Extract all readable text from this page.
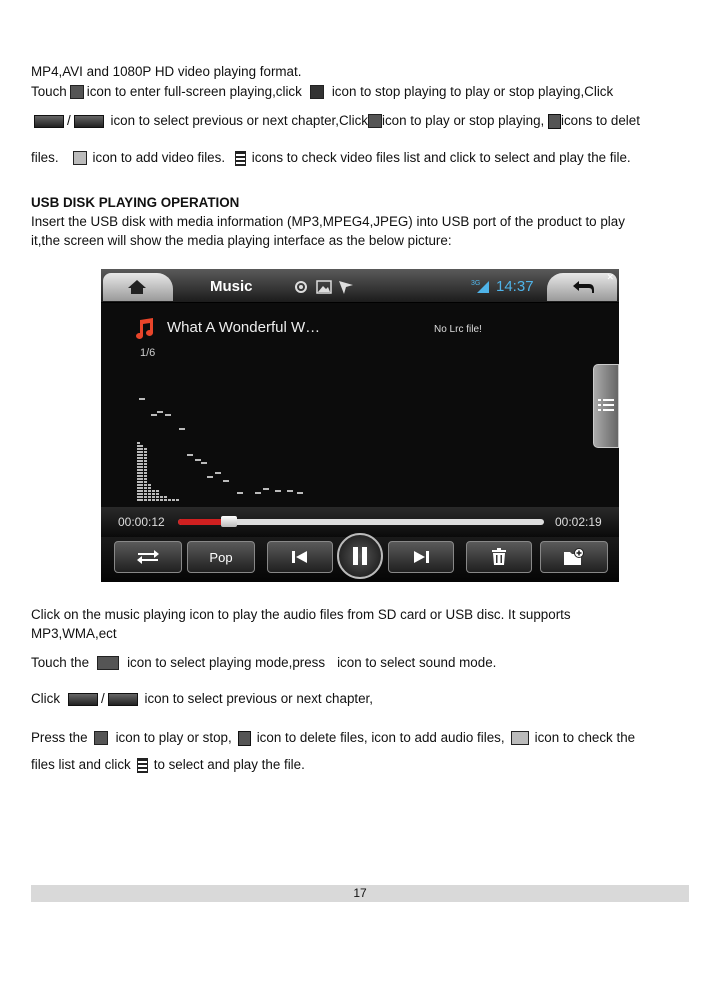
MP4,AVI and 1080P HD video playing format.
Touch icon to enter full-screen playing,click icon to stop playing to play or stop playing,Click
/	icon to select previous or next chapter,Click icon to play or stop playing, icons to delet
files.	icon to add video files. icons to check video files list and click to select and play the file.
USB DISK PLAYING OPERATION
Insert the USB disk with media information (MP3,MPEG4,JPEG) into USB port of the product to play
it,the screen will show the media playing interface as the below picture:
Music	3G 14:37
✕
What A Wonderful W…
1/6
No Lrc file!
00:00:12	00:02:19
Pop
Click on the music playing icon to play the audio files from SD card or USB disc. It supports
MP3,WMA,ect
Touch the	icon to select playing mode,press icon to select sound mode.
Click	/	icon to select previous or next chapter,
Press the icon to play or stop, icon to delete files, icon to add audio files, icon to check the
files list and click to select and play the file.
17
